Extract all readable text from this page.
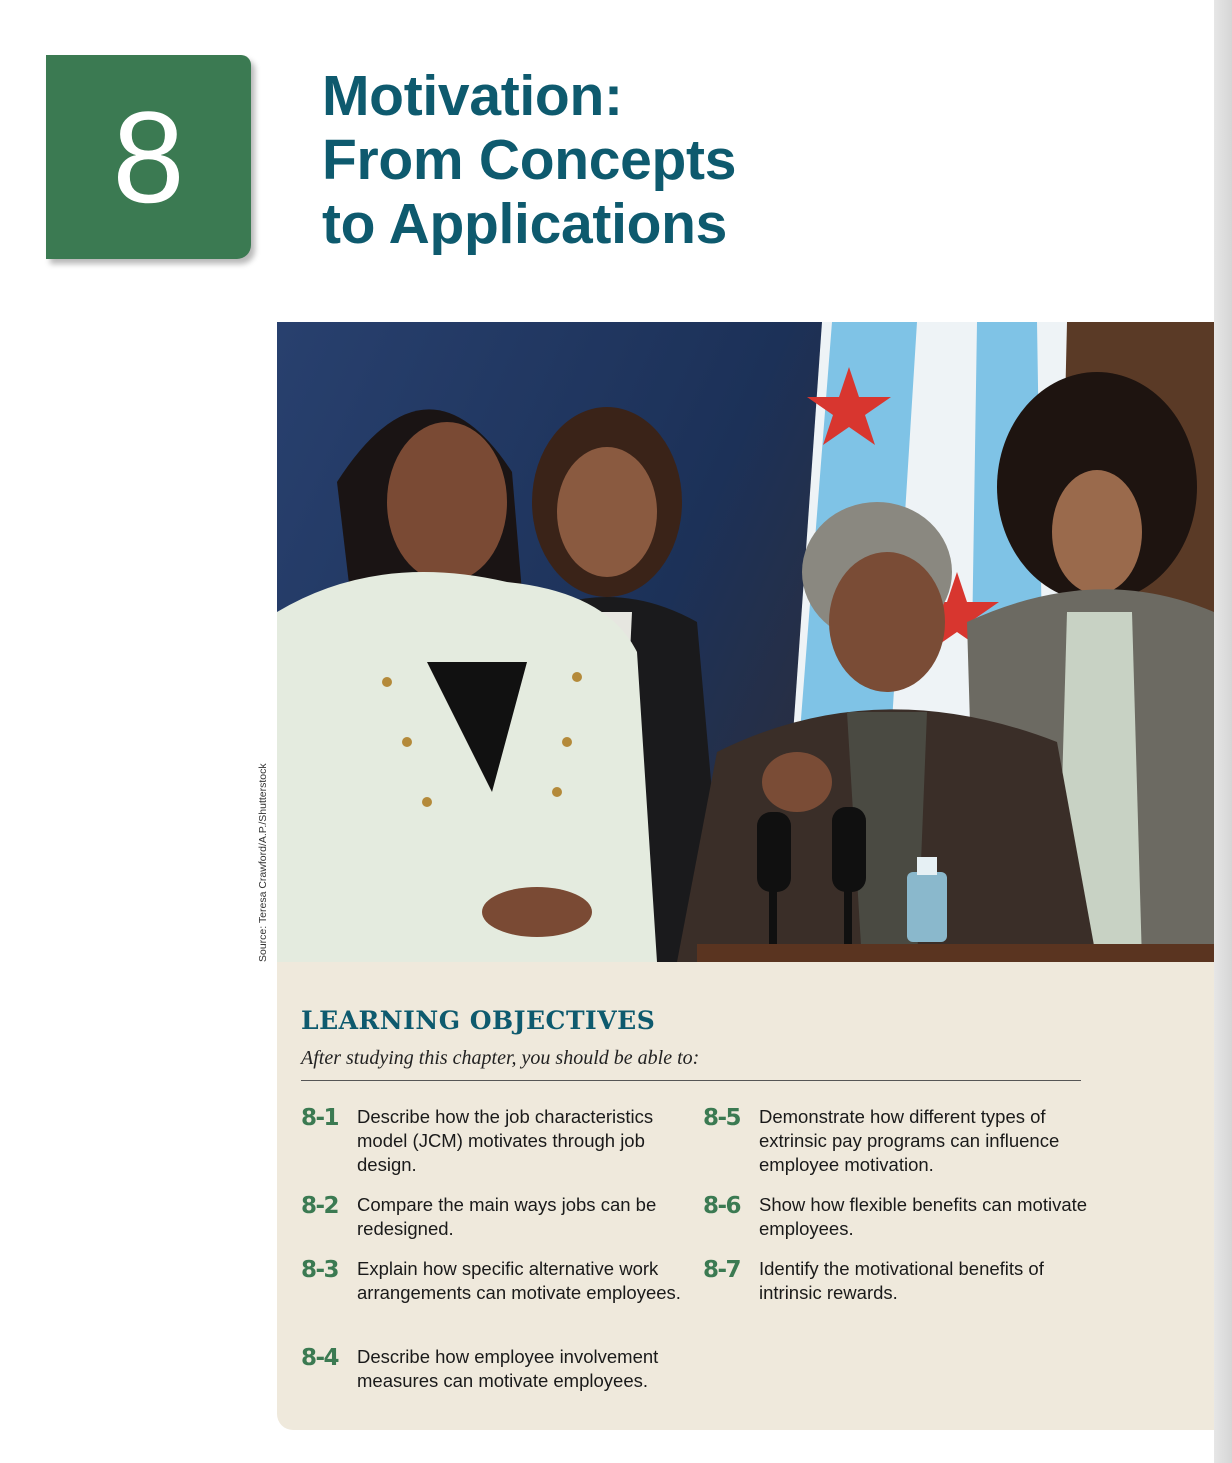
8 Motivation:
From Concepts
to Applications
Source: Teresa Crawford/A.P./Shutterstock
LEARNING OBJECTIVES

After studying this chapter, you should be able to:

8-1 Describe how the job characteristics model (JCM) motivates through job design.
8-2 Compare the main ways jobs can be redesigned.
8-3 Explain how specific alternative work arrangements can motivate employees.
8-4 Describe how employee involvement measures can motivate employees.
8-5 Demonstrate how different types of extrinsic pay programs can influence employee motivation.
8-6 Show how flexible benefits can motivate employees.
8-7 Identify the motivational benefits of intrinsic rewards.
